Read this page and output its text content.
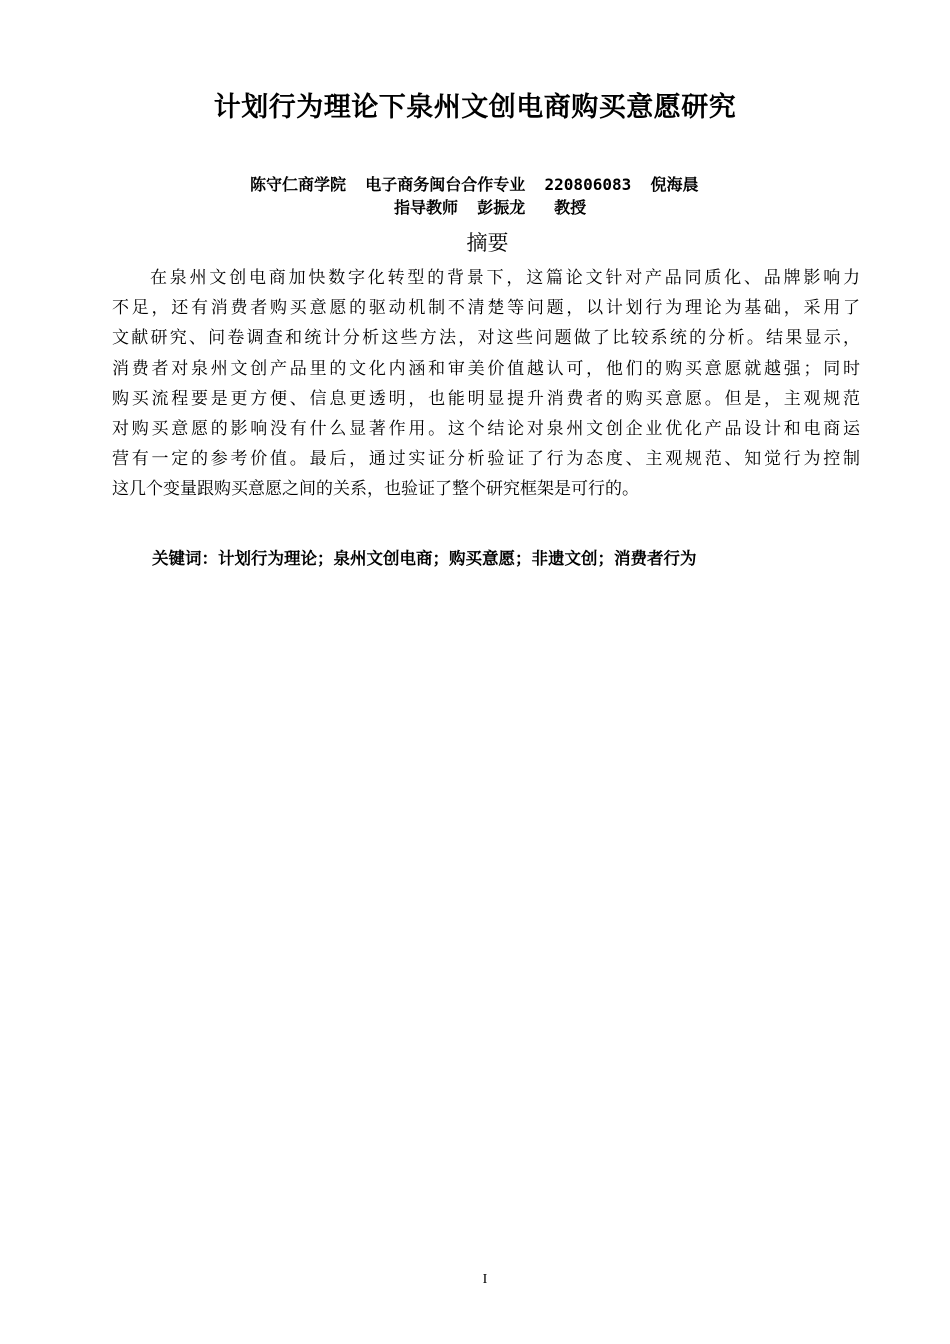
计划行为理论下泉州文创电商购买意愿研究
陈守仁商学院  电子商务闽台合作专业  220806083  倪海晨
指导教师  彭振龙   教授
摘要
在泉州文创电商加快数字化转型的背景下，这篇论文针对产品同质化、品牌影响力
不足，还有消费者购买意愿的驱动机制不清楚等问题，以计划行为理论为基础，采用了
文献研究、问卷调查和统计分析这些方法，对这些问题做了比较系统的分析。结果显示，
消费者对泉州文创产品里的文化内涵和审美价值越认可，他们的购买意愿就越强；同时
购买流程要是更方便、信息更透明，也能明显提升消费者的购买意愿。但是，主观规范
对购买意愿的影响没有什么显著作用。这个结论对泉州文创企业优化产品设计和电商运
营有一定的参考价值。最后，通过实证分析验证了行为态度、主观规范、知觉行为控制
这几个变量跟购买意愿之间的关系，也验证了整个研究框架是可行的。
关键词：计划行为理论；泉州文创电商；购买意愿；非遗文创；消费者行为
I
